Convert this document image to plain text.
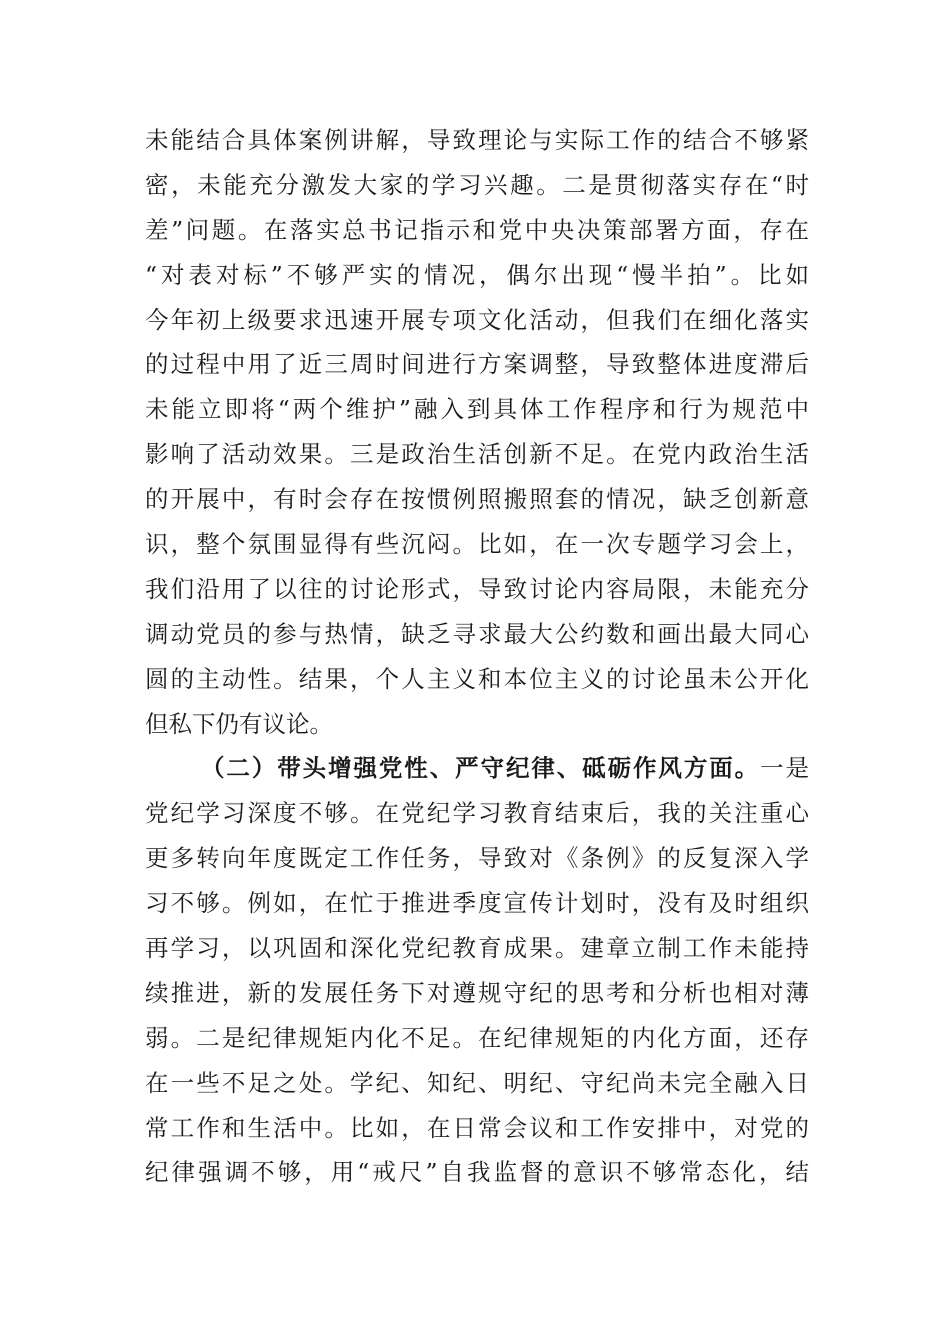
未能结合具体案例讲解，导致理论与实际工作的结合不够紧
密，未能充分激发大家的学习兴趣。二是贯彻落实存在“时
差”问题。在落实总书记指示和党中央决策部署方面，存在
“对表对标”不够严实的情况，偶尔出现“慢半拍”。比如
今年初上级要求迅速开展专项文化活动，但我们在细化落实
的过程中用了近三周时间进行方案调整，导致整体进度滞后
未能立即将“两个维护”融入到具体工作程序和行为规范中
影响了活动效果。三是政治生活创新不足。在党内政治生活
的开展中，有时会存在按惯例照搬照套的情况，缺乏创新意
识，整个氛围显得有些沉闷。比如，在一次专题学习会上，
我们沿用了以往的讨论形式，导致讨论内容局限，未能充分
调动党员的参与热情，缺乏寻求最大公约数和画出最大同心
圆的主动性。结果，个人主义和本位主义的讨论虽未公开化
但私下仍有议论。
（二）带头增强党性、严守纪律、砥砺作风方面。一是
党纪学习深度不够。在党纪学习教育结束后，我的关注重心
更多转向年度既定工作任务，导致对《条例》的反复深入学
习不够。例如，在忙于推进季度宣传计划时，没有及时组织
再学习，以巩固和深化党纪教育成果。建章立制工作未能持
续推进，新的发展任务下对遵规守纪的思考和分析也相对薄
弱。二是纪律规矩内化不足。在纪律规矩的内化方面，还存
在一些不足之处。学纪、知纪、明纪、守纪尚未完全融入日
常工作和生活中。比如，在日常会议和工作安排中，对党的
纪律强调不够，用“戒尺”自我监督的意识不够常态化，结
